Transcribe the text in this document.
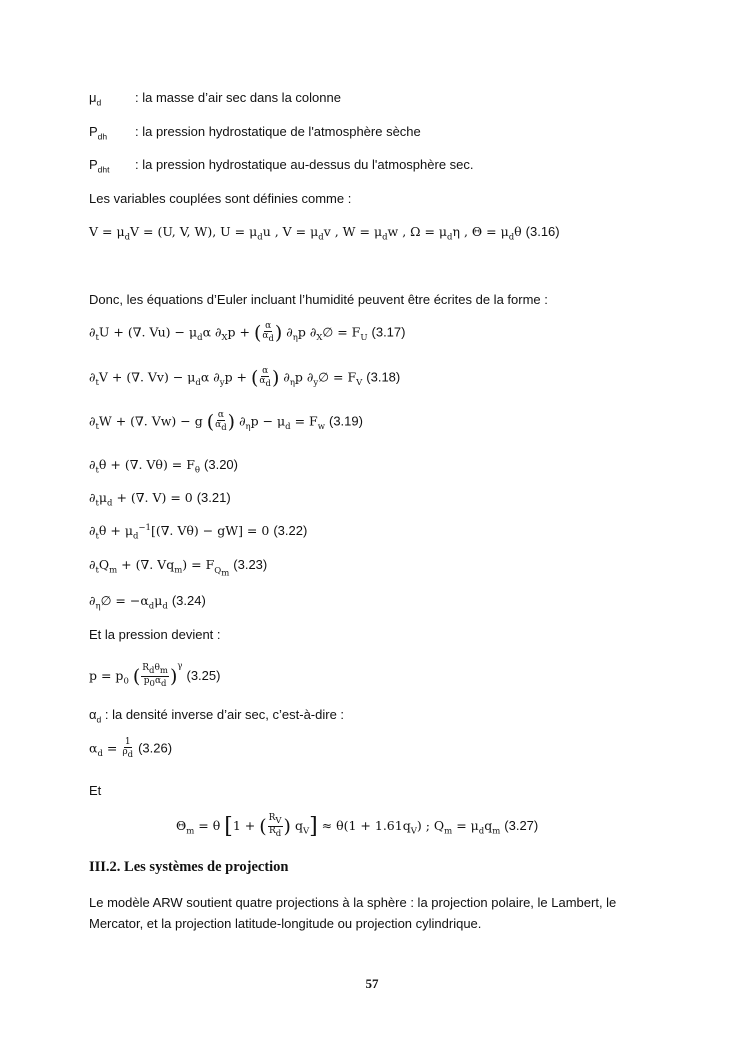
$\mu_d$	: la masse d’air sec dans la colonne
$P_{dh}$ : la pression hydrostatique de l'atmosphère sèche
$P_{dht}$ : la pression hydrostatique au-dessus du l'atmosphère sec.
Les variables couplées sont définies comme :
$V = \mu_dV = (U$, V, W), $U = \mu_du$ , $V = \mu_dv$ , $W = \mu_dw$ , $\Omega = \mu_d\eta$ , $\Theta = \mu_d\theta$ (3.16)
Donc, les équations d’Euler incluant l’humidité peuvent être écrites de la forme :
$\partial_tU$ + (∇. $Vu) - \mu_d\alpha$ $\partial_Xp$ + ( $\frac{\alpha}{\alpha_d}$ ) $\partial_\eta p$ $\partial_X\emptyset = F_U$ (3.17)
$\partial_tV$ + (∇. $Vv) - \mu_d\alpha$ $\partial_yp$ + ( $\frac{\alpha}{\alpha_d}$ ) $\partial_\eta p$ $\partial_y\emptyset = F_V$ (3.18)
$\partial_tW$ + (∇. Vw) − g ( $\frac{\alpha}{\alpha_d}$ ) $\partial_\eta p - \mu_d = F_w$ (3.19)
$\partial_t\theta$ + (∇. $V\theta) = F_\theta$ (3.20)
$\partial_t\mu_d$ + (∇. V) = 0 (3.21)
$\partial_t\theta + \mu_d^{-1}[(\nabla$. Vθ) − gW] = 0 (3.22)
$\partial_tQ_m$ + (∇. $Vq_m) = F_{Q_m}$ (3.23)
$\partial_\eta\emptyset = -\alpha_d\mu_d$ (3.24)
Et la pression devient :
$p = p_0$ ( $\frac{R_d\theta_m}{p_0\alpha_d} )^\gamma$ (3.25)
$\alpha_d$ : la densité inverse d’air sec, c’est-à-dire :
$\alpha_d = \frac{1}{\rho_d} (3.26)$
Et
$\Theta_m = \theta$ [1 + ( $\frac{R_V}{R_d}$ ) $q_V] \approx \theta(1 + 1.61q_V)$ ; $Q_m = \mu_dq_m$ (3.27)
III.2. Les systèmes de projection
Le modèle ARW soutient quatre projections à la sphère : la projection polaire, le Lambert, le Mercator, et la projection latitude-longitude ou projection cylindrique.
57
